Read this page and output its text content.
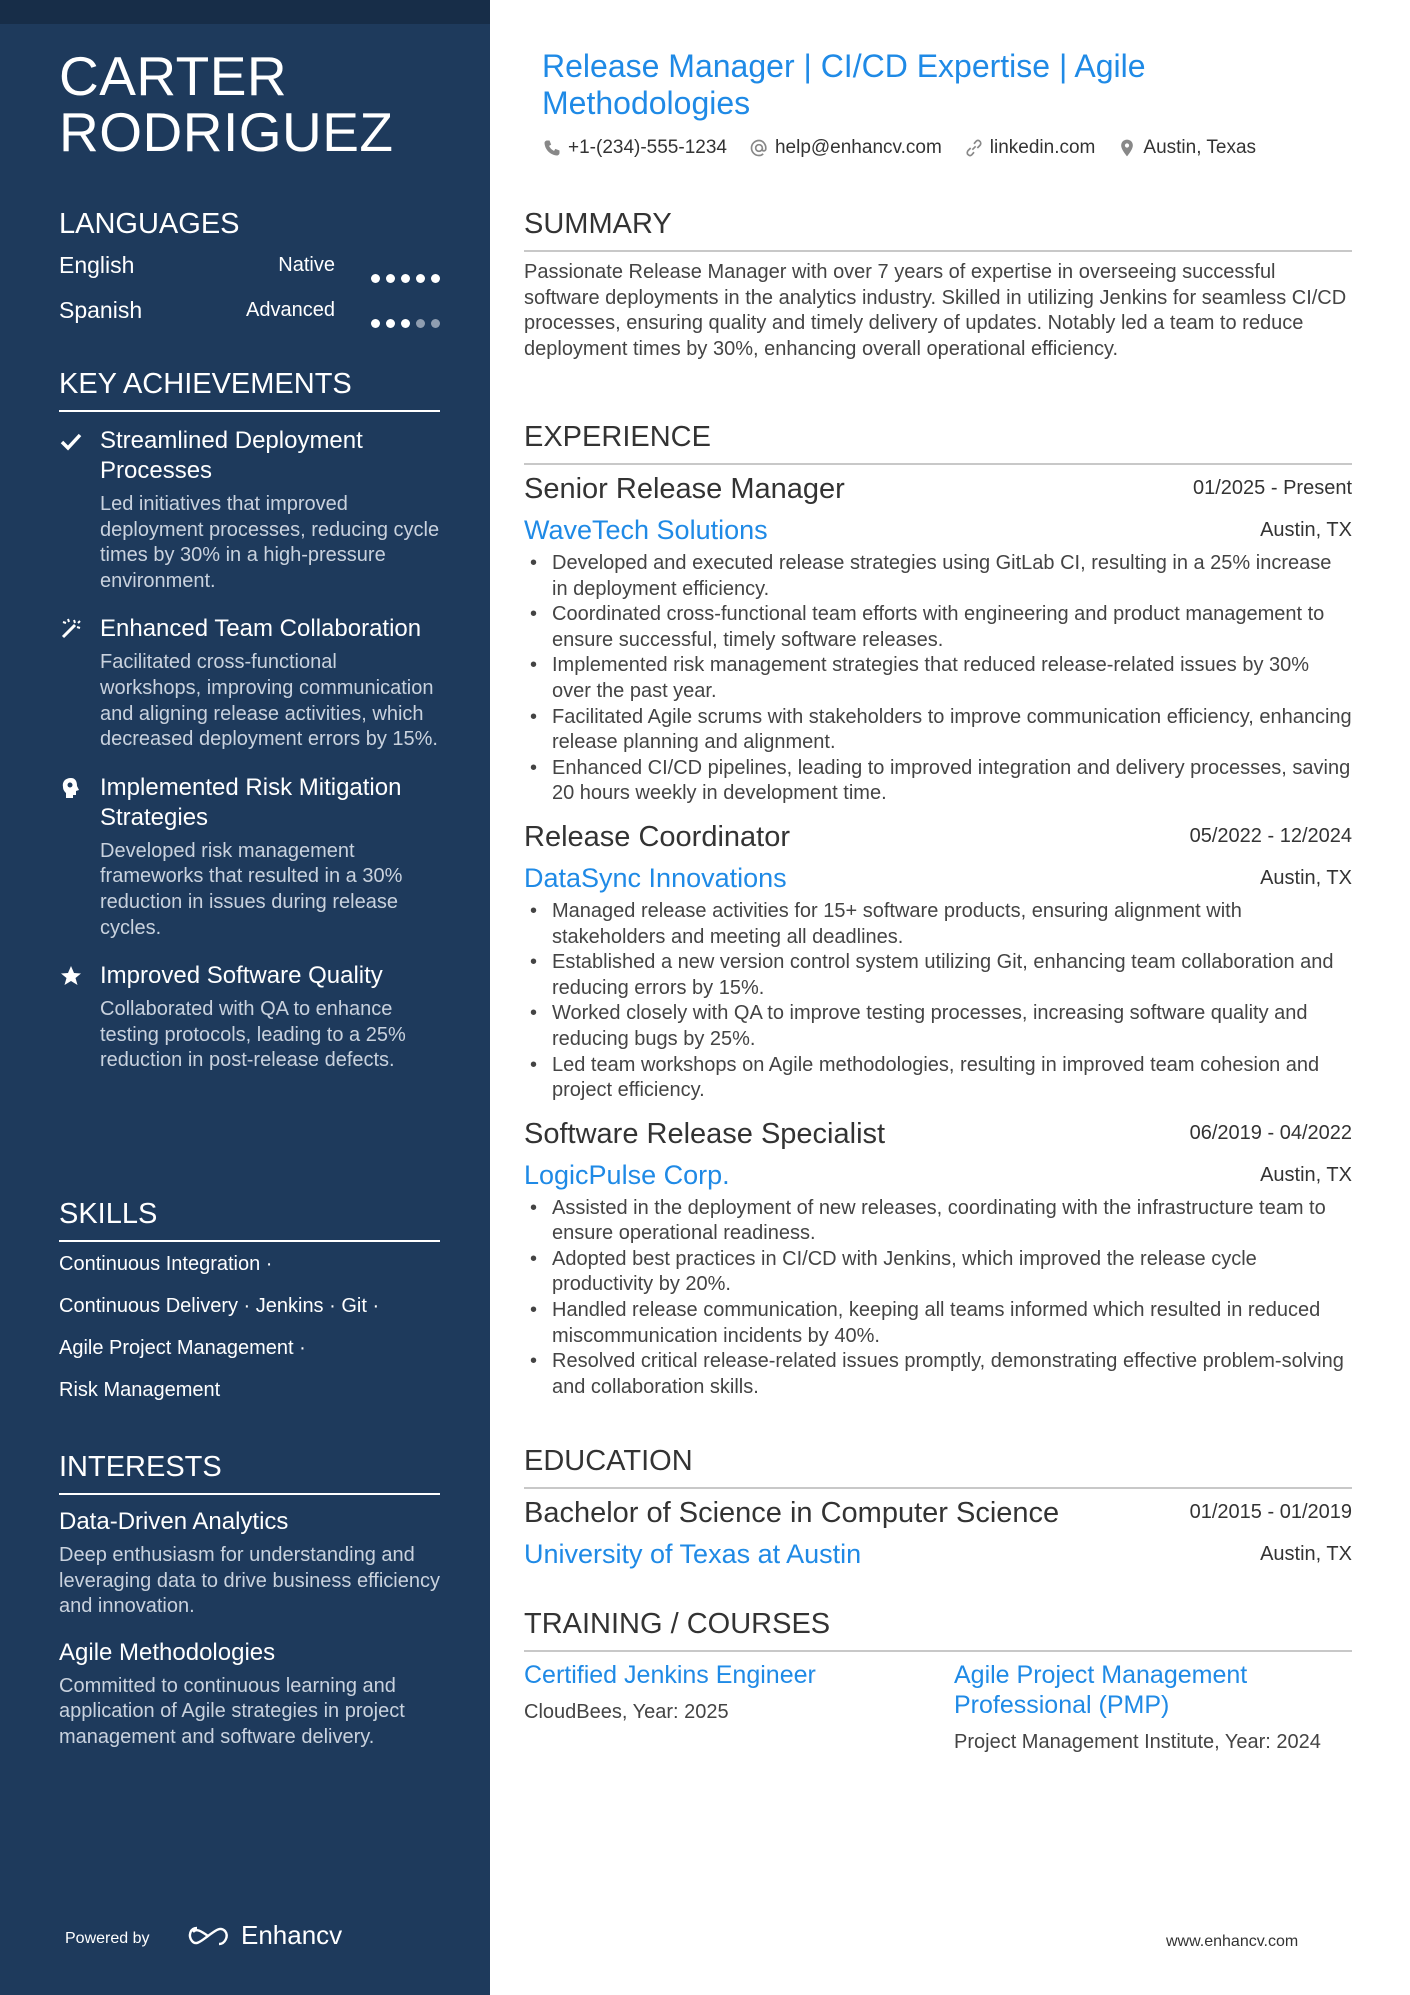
CARTER
RODRIGUEZ
LANGUAGES
English	Native
Spanish	Advanced
KEY ACHIEVEMENTS
Streamlined Deployment Processes
Led initiatives that improved deployment processes, reducing cycle times by 30% in a high-pressure environment.
Enhanced Team Collaboration
Facilitated cross-functional workshops, improving communication and aligning release activities, which decreased deployment errors by 15%.
Implemented Risk Mitigation Strategies
Developed risk management frameworks that resulted in a 30% reduction in issues during release cycles.
Improved Software Quality
Collaborated with QA to enhance testing protocols, leading to a 25% reduction in post-release defects.
SKILLS
Continuous Integration ·
Continuous Delivery · Jenkins · Git ·
Agile Project Management ·
Risk Management
INTERESTS
Data-Driven Analytics
Deep enthusiasm for understanding and leveraging data to drive business efficiency and innovation.
Agile Methodologies
Committed to continuous learning and application of Agile strategies in project management and software delivery.
Powered by	Enhancv
Release Manager | CI/CD Expertise | Agile Methodologies
+1-(234)-555-1234	help@enhancv.com	linkedin.com	Austin, Texas
SUMMARY
Passionate Release Manager with over 7 years of expertise in overseeing successful software deployments in the analytics industry. Skilled in utilizing Jenkins for seamless CI/CD processes, ensuring quality and timely delivery of updates. Notably led a team to reduce deployment times by 30%, enhancing overall operational efficiency.
EXPERIENCE
Senior Release Manager	01/2025 - Present
WaveTech Solutions	Austin, TX
• Developed and executed release strategies using GitLab CI, resulting in a 25% increase in deployment efficiency.
• Coordinated cross-functional team efforts with engineering and product management to ensure successful, timely software releases.
• Implemented risk management strategies that reduced release-related issues by 30% over the past year.
• Facilitated Agile scrums with stakeholders to improve communication efficiency, enhancing release planning and alignment.
• Enhanced CI/CD pipelines, leading to improved integration and delivery processes, saving 20 hours weekly in development time.
Release Coordinator	05/2022 - 12/2024
DataSync Innovations	Austin, TX
• Managed release activities for 15+ software products, ensuring alignment with stakeholders and meeting all deadlines.
• Established a new version control system utilizing Git, enhancing team collaboration and reducing errors by 15%.
• Worked closely with QA to improve testing processes, increasing software quality and reducing bugs by 25%.
• Led team workshops on Agile methodologies, resulting in improved team cohesion and project efficiency.
Software Release Specialist	06/2019 - 04/2022
LogicPulse Corp.	Austin, TX
• Assisted in the deployment of new releases, coordinating with the infrastructure team to ensure operational readiness.
• Adopted best practices in CI/CD with Jenkins, which improved the release cycle productivity by 20%.
• Handled release communication, keeping all teams informed which resulted in reduced miscommunication incidents by 40%.
• Resolved critical release-related issues promptly, demonstrating effective problem-solving and collaboration skills.
EDUCATION
Bachelor of Science in Computer Science	01/2015 - 01/2019
University of Texas at Austin	Austin, TX
TRAINING / COURSES
Certified Jenkins Engineer
CloudBees, Year: 2025
Agile Project Management Professional (PMP)
Project Management Institute, Year: 2024
www.enhancv.com
